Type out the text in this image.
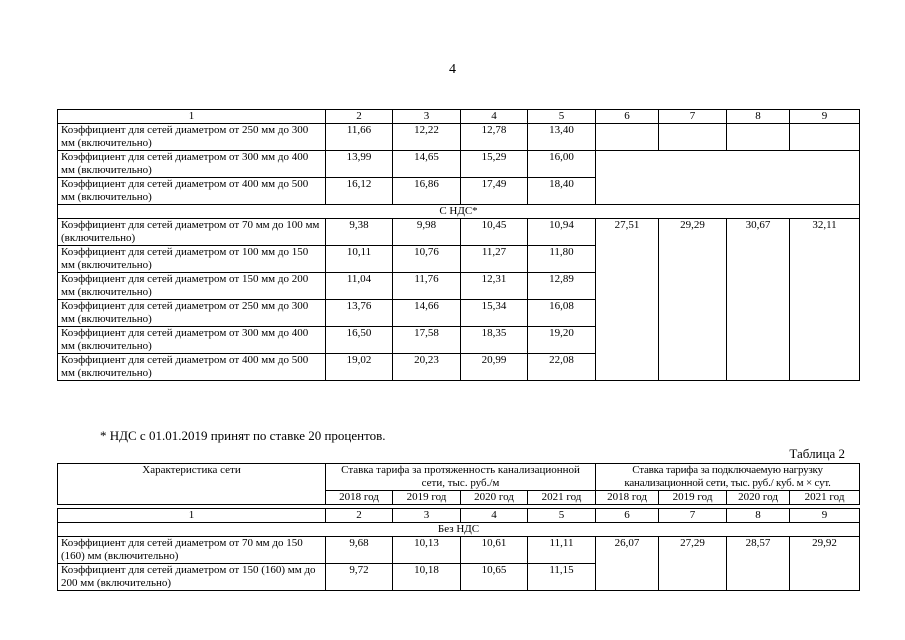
4
1	2	3	4	5	6	7	8	9
Коэффициент для сетей диаметром от 250 мм до 300 мм (включительно)	11,66	12,22	12,78	13,40				
Коэффициент для сетей диаметром от 300 мм до 400 мм (включительно)	13,99	14,65	15,29	16,00				
Коэффициент для сетей диаметром от 400 мм до 500 мм (включительно)	16,12	16,86	17,49	18,40				
С НДС*								
Коэффициент для сетей диаметром от 70 мм до 100 мм (включительно)	9,38	9,98	10,45	10,94	27,51	29,29	30,67	32,11
Коэффициент для сетей диаметром от 100 мм до 150 мм (включительно)	10,11	10,76	11,27	11,80				
Коэффициент для сетей диаметром от 150 мм до 200 мм (включительно)	11,04	11,76	12,31	12,89				
Коэффициент для сетей диаметром от 250 мм до 300 мм (включительно)	13,76	14,66	15,34	16,08				
Коэффициент для сетей диаметром от 300 мм до 400 мм (включительно)	16,50	17,58	18,35	19,20				
Коэффициент для сетей диаметром от 400 мм до 500 мм (включительно)	19,02	20,23	20,99	22,08				
* НДС с 01.01.2019 принят по ставке 20 процентов.
Таблица 2
Характеристика сети	Ставка тарифа за протяженность канализационной сети, тыс. руб./м				Ставка тарифа за подключаемую нагрузку канализационной сети, тыс. руб./ куб. м × сут.			
	2018 год	2019 год	2020 год	2021 год	2018 год	2019 год	2020 год	2021 год

1	2	3	4	5	6	7	8	9
Без НДС								
Коэффициент для сетей диаметром от 70 мм до 150 (160) мм (включительно)	9,68	10,13	10,61	11,11	26,07	27,29	28,57	29,92
Коэффициент для сетей диаметром от 150 (160) мм до 200 мм (включительно)	9,72	10,18	10,65	11,15				
